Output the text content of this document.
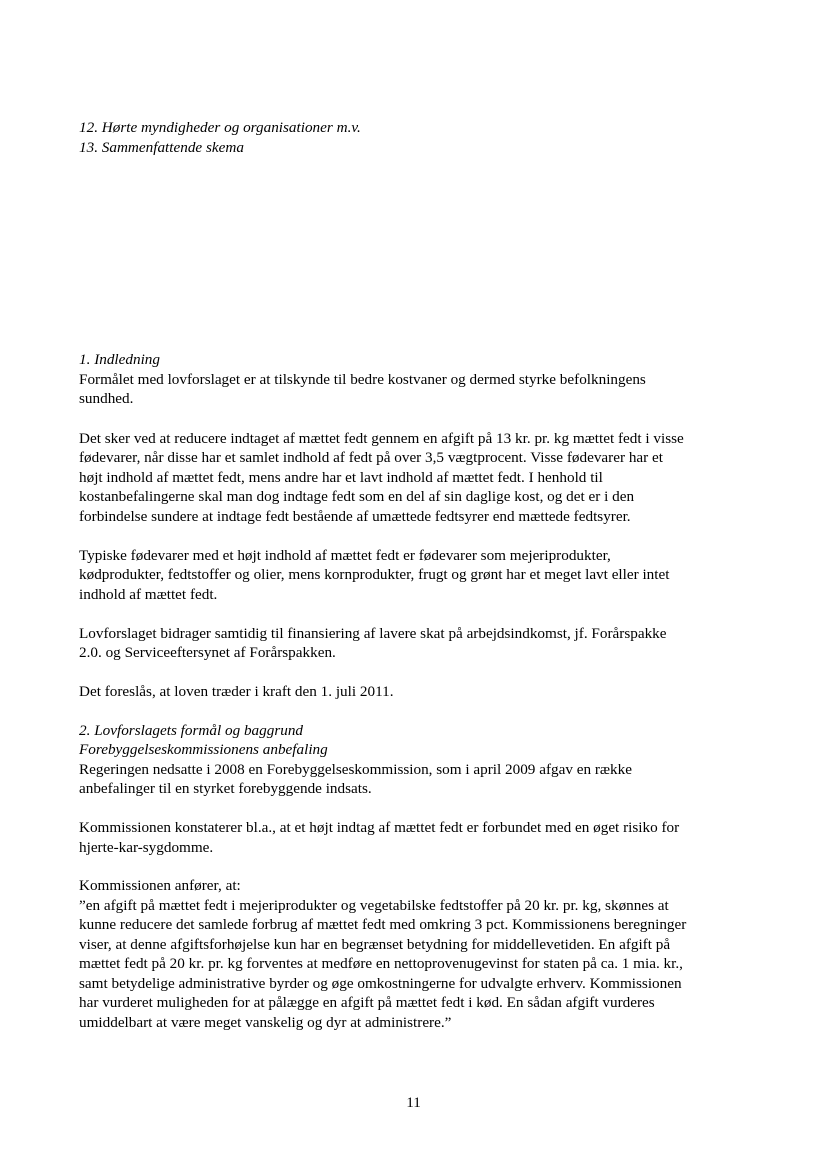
12. Hørte myndigheder og organisationer m.v.
13. Sammenfattende skema
1. Indledning
Formålet med lovforslaget er at tilskynde til bedre kostvaner og dermed styrke befolkningens
sundhed.
Det sker ved at reducere indtaget af mættet fedt gennem en afgift på 13 kr. pr. kg mættet fedt i visse
fødevarer, når disse har et samlet indhold af fedt på over 3,5 vægtprocent. Visse fødevarer har et
højt indhold af mættet fedt, mens andre har et lavt indhold af mættet fedt. I henhold til
kostanbefalingerne skal man dog indtage fedt som en del af sin daglige kost, og det er i den
forbindelse sundere at indtage fedt bestående af umættede fedtsyrer end mættede fedtsyrer.
Typiske fødevarer med et højt indhold af mættet fedt er fødevarer som mejeriprodukter,
kødprodukter, fedtstoffer og olier, mens kornprodukter, frugt og grønt har et meget lavt eller intet
indhold af mættet fedt.
Lovforslaget bidrager samtidig til finansiering af lavere skat på arbejdsindkomst, jf. Forårspakke
2.0. og Serviceeftersynet af Forårspakken.
Det foreslås, at loven træder i kraft den 1. juli 2011.
2. Lovforslagets formål og baggrund
Forebyggelseskommissionens anbefaling
Regeringen nedsatte i 2008 en Forebyggelseskommission, som i april 2009 afgav en række
anbefalinger til en styrket forebyggende indsats.
Kommissionen konstaterer bl.a., at et højt indtag af mættet fedt er forbundet med en øget risiko for
hjerte-kar-sygdomme.
Kommissionen anfører, at:
”en afgift på mættet fedt i mejeriprodukter og vegetabilske fedtstoffer på 20 kr. pr. kg, skønnes at
kunne reducere det samlede forbrug af mættet fedt med omkring 3 pct. Kommissionens beregninger
viser, at denne afgiftsforhøjelse kun har en begrænset betydning for middellevetiden. En afgift på
mættet fedt på 20 kr. pr. kg forventes at medføre en nettoprovenugevinst for staten på ca. 1 mia. kr.,
samt betydelige administrative byrder og øge omkostningerne for udvalgte erhverv. Kommissionen
har vurderet muligheden for at pålægge en afgift på mættet fedt i kød. En sådan afgift vurderes
umiddelbart at være meget vanskelig og dyr at administrere.”
11
